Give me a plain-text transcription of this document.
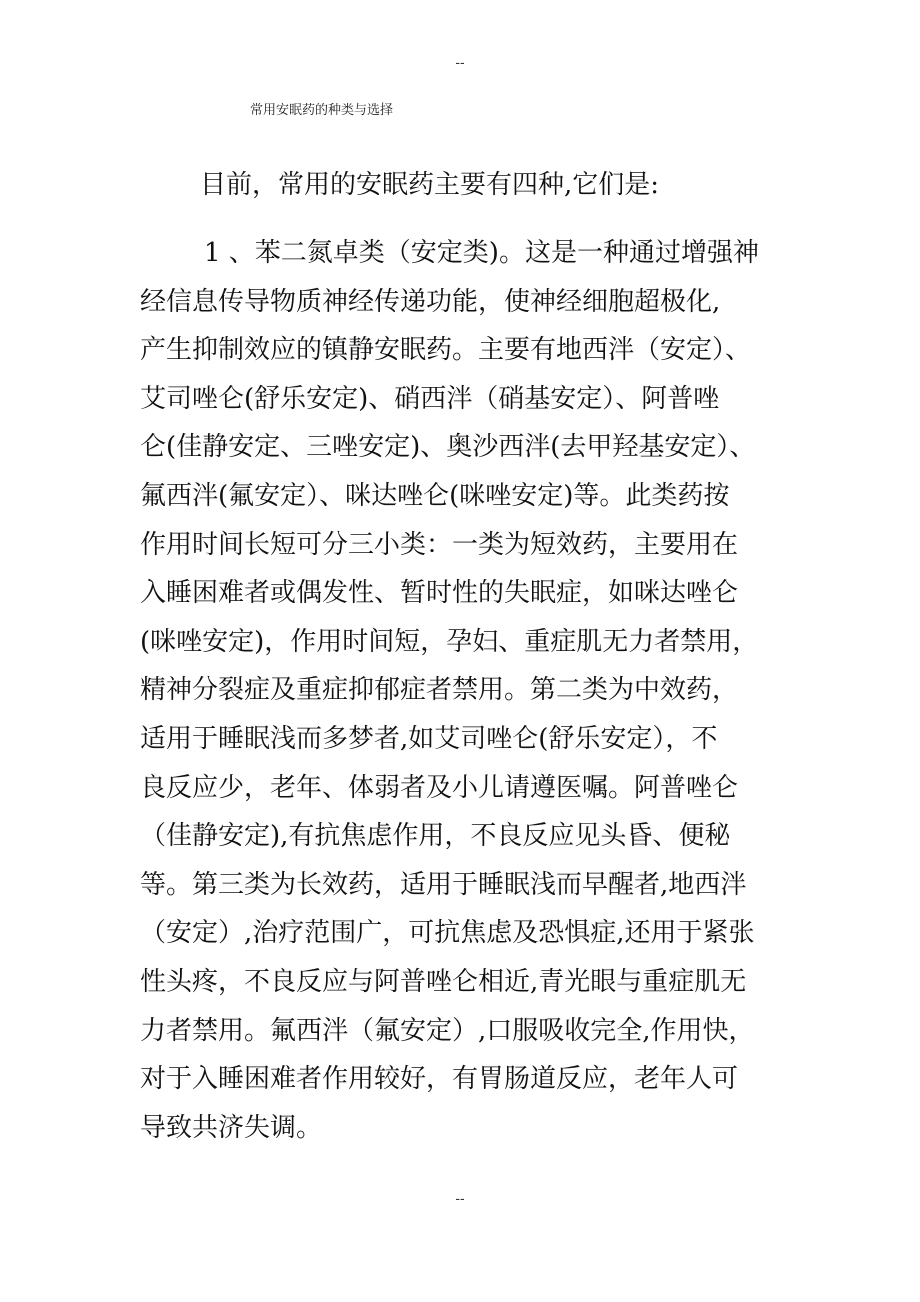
--
常用安眠药的种类与选择
目前，常用的安眠药主要有四种,它们是:
1 、苯二氮卓类（安定类)。这是一种通过增强神
经信息传导物质神经传递功能，使神经细胞超极化,
产生抑制效应的镇静安眠药。主要有地西泮（安定）、
艾司唑仑(舒乐安定)、硝西泮（硝基安定）、阿普唑
仑(佳静安定、三唑安定)、奥沙西泮(去甲羟基安定）、
氟西泮(氟安定）、咪达唑仑(咪唑安定)等。此类药按
作用时间长短可分三小类：一类为短效药，主要用在
入睡困难者或偶发性、暂时性的失眠症，如咪达唑仑
(咪唑安定)，作用时间短，孕妇、重症肌无力者禁用，
精神分裂症及重症抑郁症者禁用。第二类为中效药，
适用于睡眠浅而多梦者,如艾司唑仑(舒乐安定），不
良反应少，老年、体弱者及小儿请遵医嘱。阿普唑仑
（佳静安定),有抗焦虑作用，不良反应见头昏、便秘
等。第三类为长效药，适用于睡眠浅而早醒者,地西泮
（安定）,治疗范围广，可抗焦虑及恐惧症,还用于紧张
性头疼，不良反应与阿普唑仑相近,青光眼与重症肌无
力者禁用。氟西泮（氟安定）,口服吸收完全,作用快，
对于入睡困难者作用较好，有胃肠道反应，老年人可
导致共济失调。
--
